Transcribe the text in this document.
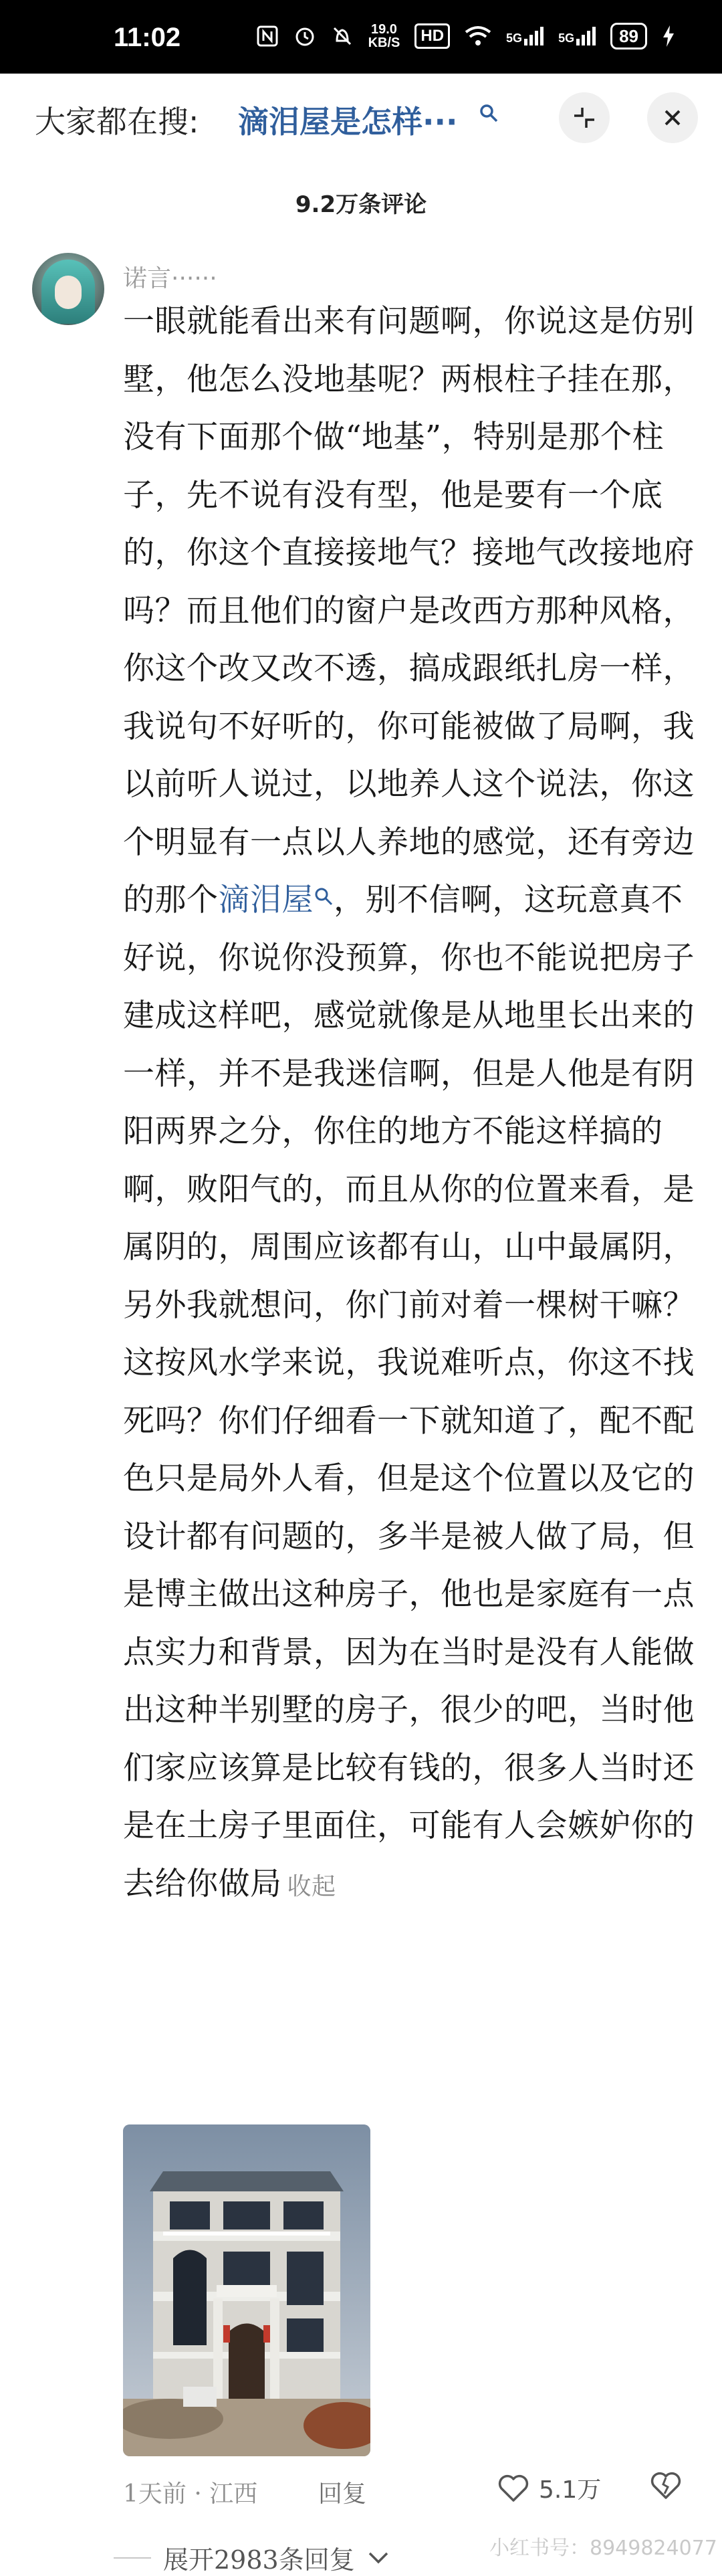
11:02	19.0
KB/S	HD	5G	5G	89
大家都在搜: 滴泪屋是怎样···
9.2万条评论
诺言······
一眼就能看出来有问题啊，你说这是仿别墅，他怎么没地基呢？两根柱子挂在那，没有下面那个做“地基”，特别是那个柱子，先不说有没有型，他是要有一个底的，你这个直接接地气？接地气改接地府吗？而且他们的窗户是改西方那种风格，你这个改又改不透，搞成跟纸扎房一样，我说句不好听的，你可能被做了局啊，我以前听人说过，以地养人这个说法，你这个明显有一点以人养地的感觉，还有旁边的那个滴泪屋 ，别不信啊，这玩意真不好说，你说你没预算，你也不能说把房子建成这样吧，感觉就像是从地里长出来的一样，并不是我迷信啊，但是人他是有阴阳两界之分，你住的地方不能这样搞的啊，败阳气的，而且从你的位置来看，是属阴的，周围应该都有山，山中最属阴，另外我就想问，你门前对着一棵树干嘛？这按风水学来说，我说难听点，你这不找死吗？你们仔细看一下就知道了，配不配色只是局外人看，但是这个位置以及它的设计都有问题的，多半是被人做了局，但是博主做出这种房子，他也是家庭有一点点实力和背景，因为在当时是没有人能做出这种半别墅的房子，很少的吧，当时他们家应该算是比较有钱的，很多人当时还是在土房子里面住，可能有人会嫉妒你的去给你做局 收起
1天前 · 江西	回复	5.1万
展开2983条回复	小红书号：8949824077
